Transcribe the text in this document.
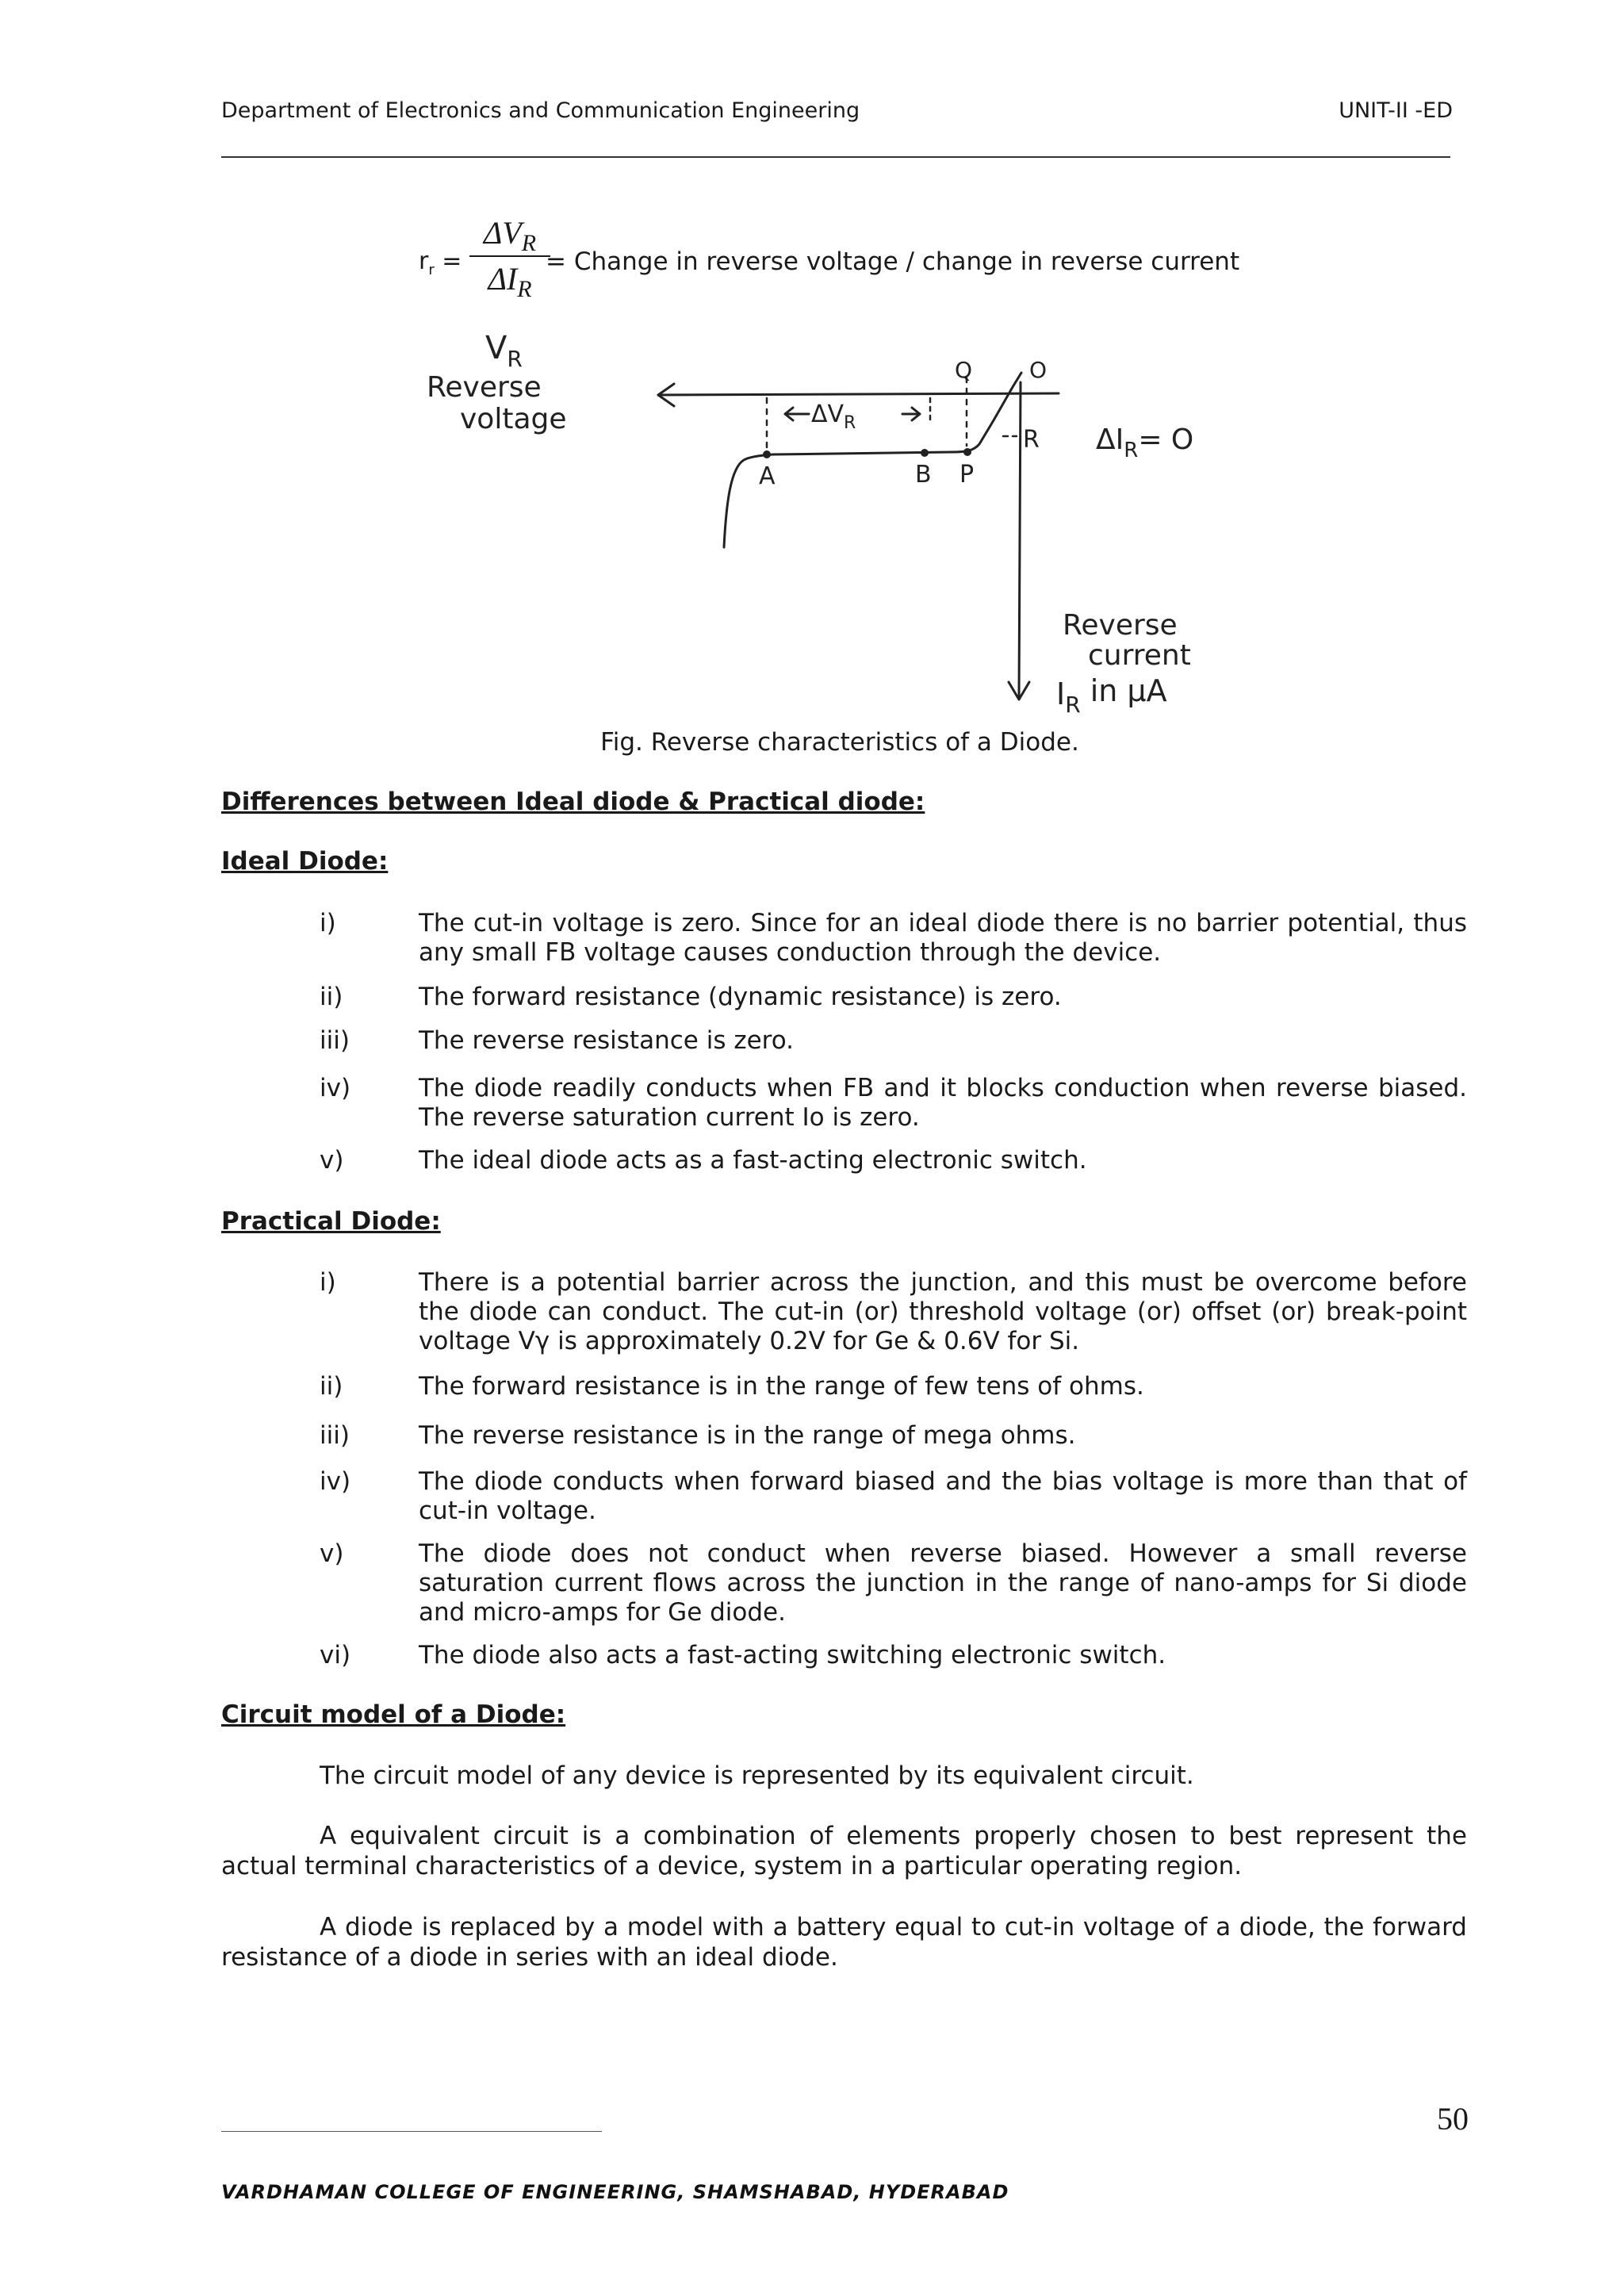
Department of Electronics and Communication Engineering	UNIT-II -ED
$r_r$ =
$\Delta V_R$
$\Delta I_R$
= Change in reverse voltage / change in reverse current
$V_R$
Reverse
voltage
Q	O
$\Delta V_R$
R $\Delta I_R= O$
A	B P
Reverse
current
$I_R$ in μA
Fig. Reverse characteristics of a Diode.
Differences between Ideal diode & Practical diode:
Ideal Diode:
i)	The cut-in voltage is zero. Since for an ideal diode there is no barrier potential, thus any small FB voltage causes conduction through the device.
ii)	The forward resistance (dynamic resistance) is zero.
iii)	The reverse resistance is zero.
iv)	The diode readily conducts when FB and it blocks conduction when reverse biased. The reverse saturation current Io is zero.
v)	The ideal diode acts as a fast-acting electronic switch.
Practical Diode:
i)	There is a potential barrier across the junction, and this must be overcome before the diode can conduct. The cut-in (or) threshold voltage (or) offset (or) break-point voltage Vγ is approximately 0.2V for Ge & 0.6V for Si.
ii)	The forward resistance is in the range of few tens of ohms.
iii)	The reverse resistance is in the range of mega ohms.
iv)	The diode conducts when forward biased and the bias voltage is more than that of cut-in voltage.
v)	The diode does not conduct when reverse biased. However a small reverse saturation current flows across the junction in the range of nano-amps for Si diode and micro-amps for Ge diode.
vi)	The diode also acts a fast-acting switching electronic switch.
Circuit model of a Diode:
The circuit model of any device is represented by its equivalent circuit.
A equivalent circuit is a combination of elements properly chosen to best represent the actual terminal characteristics of a device, system in a particular operating region.
A diode is replaced by a model with a battery equal to cut-in voltage of a diode, the forward resistance of a diode in series with an ideal diode.
50
VARDHAMAN COLLEGE OF ENGINEERING, SHAMSHABAD, HYDERABAD
